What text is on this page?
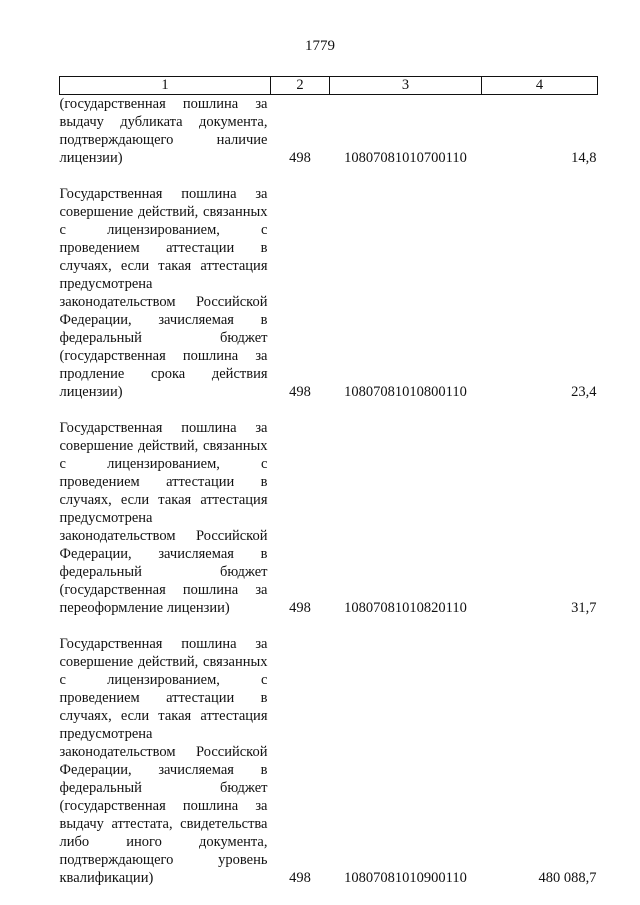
1779
1	2	3	4

(государственная пошлина за выдачу дубликата документа, подтверждающего наличие лицензии)	498	10807081010700110	14,8

Государственная пошлина за совершение действий, связанных с лицензированием, с проведением аттестации в случаях, если такая аттестация предусмотрена законодательством Российской Федерации, зачисляемая в федеральный бюджет (государственная пошлина за продление срока действия лицензии)	498	10807081010800110	23,4

Государственная пошлина за совершение действий, связанных с лицензированием, с проведением аттестации в случаях, если такая аттестация предусмотрена законодательством Российской Федерации, зачисляемая в федеральный бюджет (государственная пошлина за переоформление лицензии)	498	10807081010820110	31,7

Государственная пошлина за совершение действий, связанных с лицензированием, с проведением аттестации в случаях, если такая аттестация предусмотрена законодательством Российской Федерации, зачисляемая в федеральный бюджет (государственная пошлина за выдачу аттестата, свидетельства либо иного документа, подтверждающего уровень квалификации)	498	10807081010900110	480 088,7
